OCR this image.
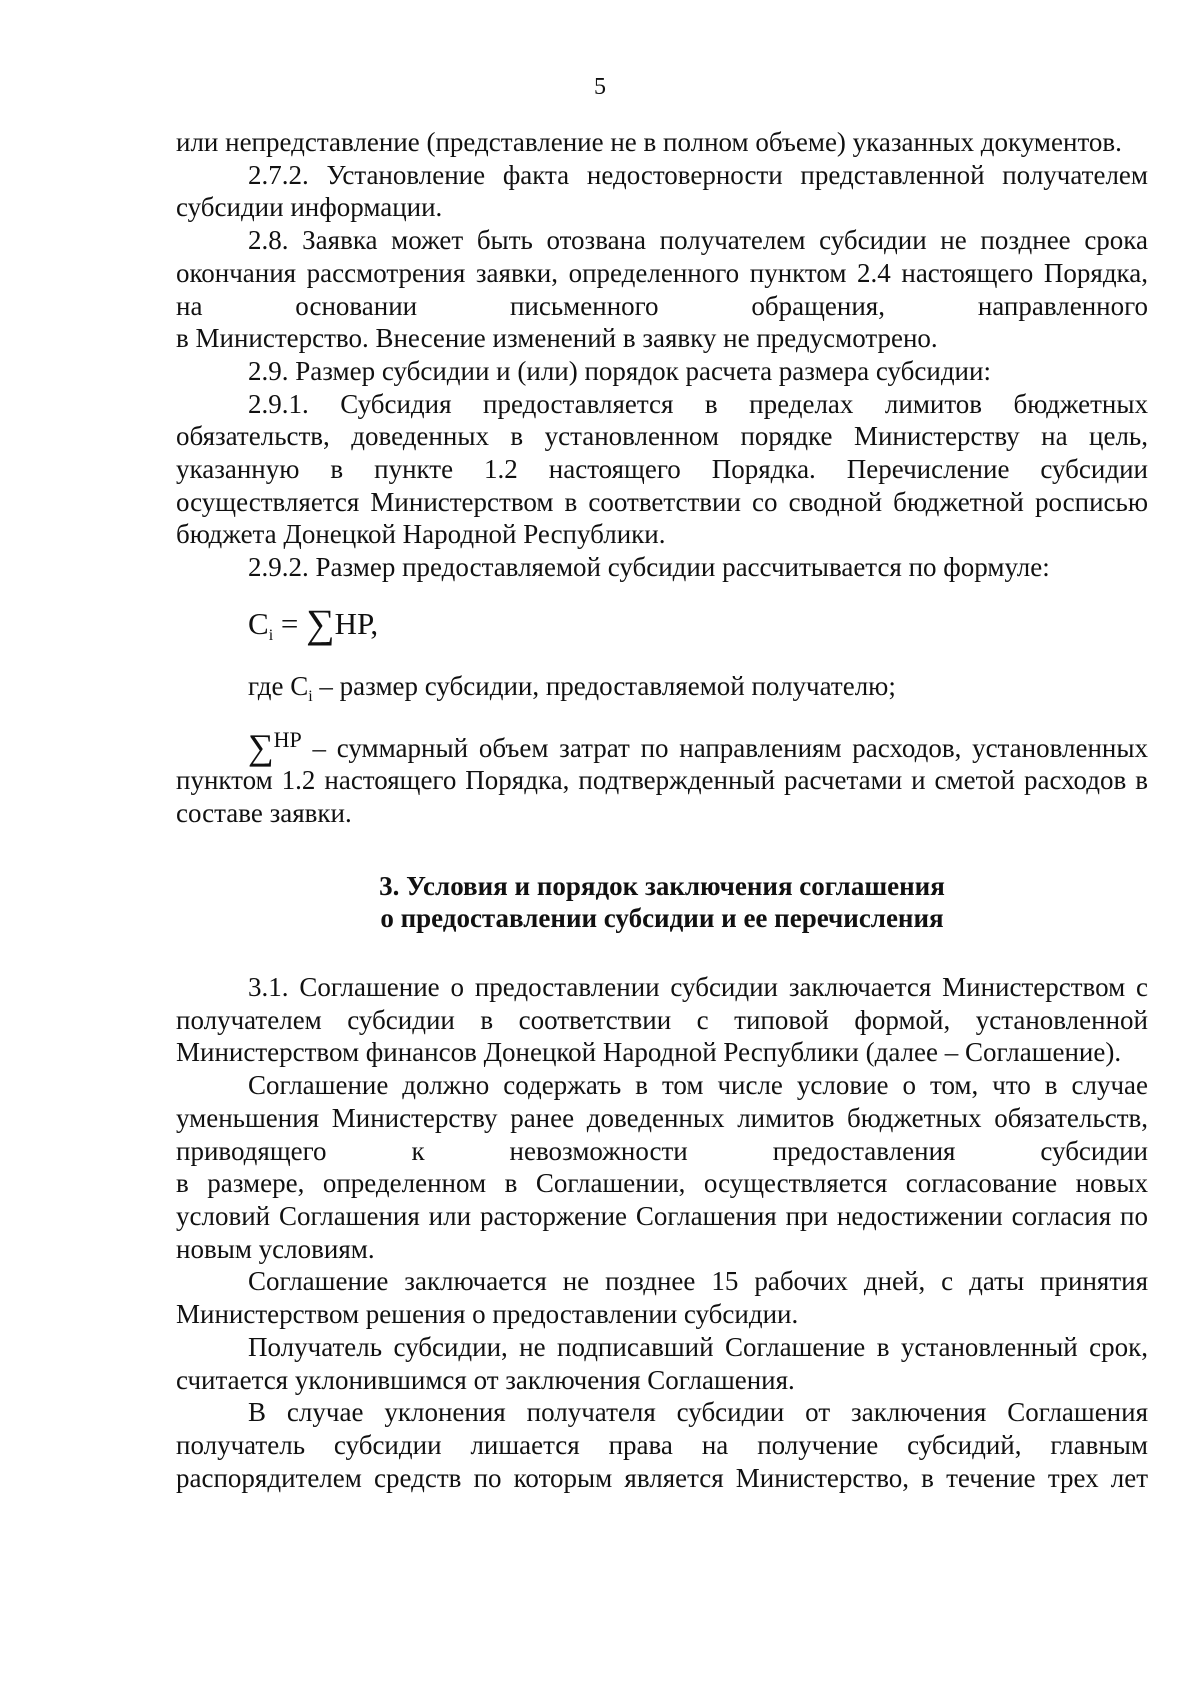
5

или непредставление (представление не в полном объеме) указанных документов.

2.7.2. Установление факта недостоверности представленной получателем субсидии информации.

2.8. Заявка может быть отозвана получателем субсидии не позднее срока окончания рассмотрения заявки, определенного пунктом 2.4 настоящего Порядка, на основании письменного обращения, направленного

в Министерство. Внесение изменений в заявку не предусмотрено.

2.9. Размер субсидии и (или) порядок расчета размера субсидии:

2.9.1. Субсидия предоставляется в пределах лимитов бюджетных обязательств, доведенных в установленном порядке Министерству на цель, указанную в пункте 1.2 настоящего Порядка. Перечисление субсидии осуществляется Министерством в соответствии со сводной бюджетной росписью бюджета Донецкой Народной Республики.

2.9.2. Размер предоставляемой субсидии рассчитывается по формуле:

$C_i = \sum НР$,
где $C_i$ – размер субсидии, предоставляемой получателю;

∑$^{НР}$ – суммарный объем затрат по направлениям расходов, установленных пунктом 1.2 настоящего Порядка, подтвержденный расчетами и сметой расходов в составе заявки.

3. Условия и порядок заключения соглашения
о предоставлении субсидии и ее перечисления

3.1. Соглашение о предоставлении субсидии заключается Министерством с получателем субсидии в соответствии с типовой формой, установленной Министерством финансов Донецкой Народной Республики (далее – Соглашение).

Соглашение должно содержать в том числе условие о том, что в случае уменьшения Министерству ранее доведенных лимитов бюджетных обязательств, приводящего к невозможности предоставления субсидии

в размере, определенном в Соглашении, осуществляется согласование новых условий Соглашения или расторжение Соглашения при недостижении согласия по новым условиям.

Соглашение заключается не позднее 15 рабочих дней, с даты принятия Министерством решения о предоставлении субсидии.

Получатель субсидии, не подписавший Соглашение в установленный срок, считается уклонившимся от заключения Соглашения.

В случае уклонения получателя субсидии от заключения Соглашения получатель субсидии лишается права на получение субсидий, главным распорядителем средств по которым является Министерство, в течение трех лет
